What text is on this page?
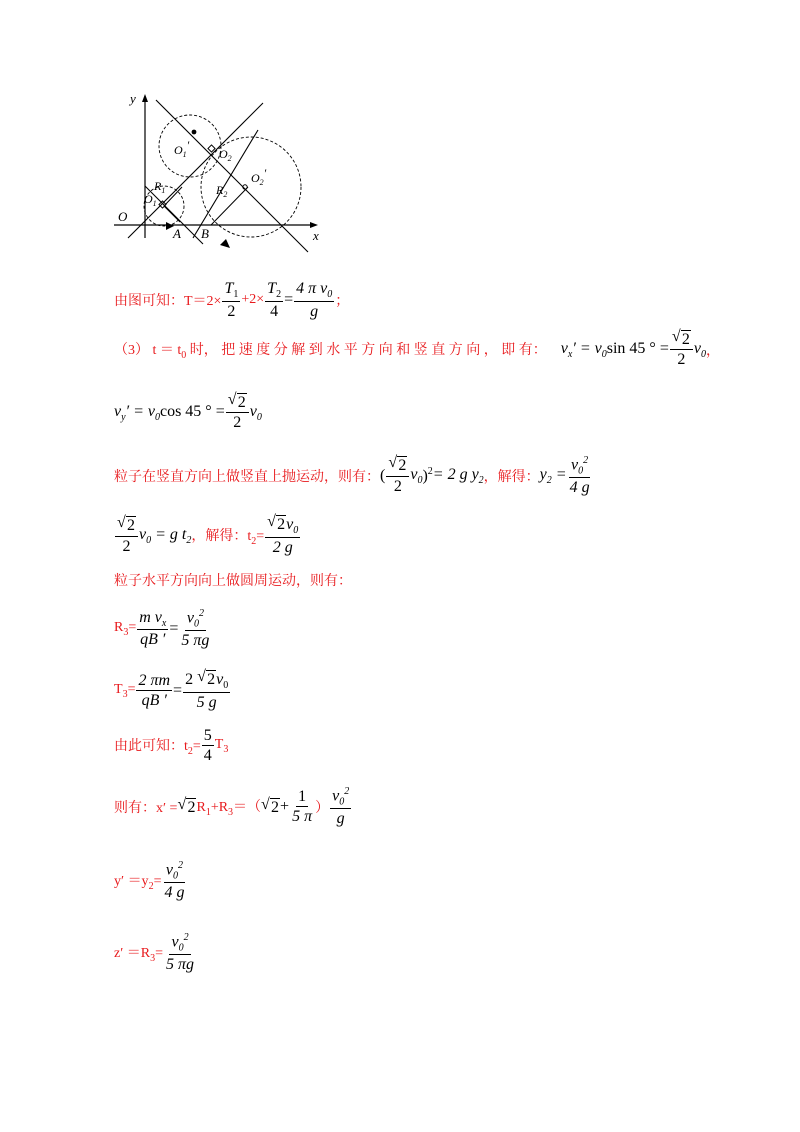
y
x
O
$O_1$
$O_1'$
$O_2$
$O_2'$
$R_1$	$R_2$
A B
由图可知：$T=2\times \frac{T_1}{2} +2\times \frac{T_2}{4} = \frac{4 \pi v_0}{g}$ ；
（3） $t = t_0$ 时， 把 速 度 分 解 到 水 平 方 向 和 竖 直 方 向 ， 即 有： $v_x' = v_0\sin$ 45 ° = √ $\frac{2}{2} v_0$ ，
$v_y' = v_0\cos$ 45 ° = √ $\frac{2}{2} v_0$
粒子在竖直方向上做竖直上抛运动，则有： ( √ $\frac{2}{2} v_0$ )$^2$ = 2 g $y_2$ ，解得： $y_2 = \frac{v_0^2}{4 g}$
√ $\frac{2}{2} v_0 = g$ $t_2$ ，解得：$t_2=$ √ $\frac{2v_0}{2 g}$
粒子水平方向向上做圆周运动，则有：
$R_3= \frac{m v_x}{qB '} = \frac{v_0^2}{5 \pi g}$
$T_3= \frac{2 \pi m}{qB '} = \frac{2 √ 2v_0}{5 g}$
由此可知：$t_2= \frac{5}{4} T_3$
则有：x′ = √ 2 $R_1+R_3=$（ √ $2 + \frac{1}{5 \pi}$ ） $\frac{v_0^2}{g}$
$y' =y_2= \frac{v_0^2}{4 g}$
$z' =R_3= \frac{v_0^2}{5 \pi g}$
